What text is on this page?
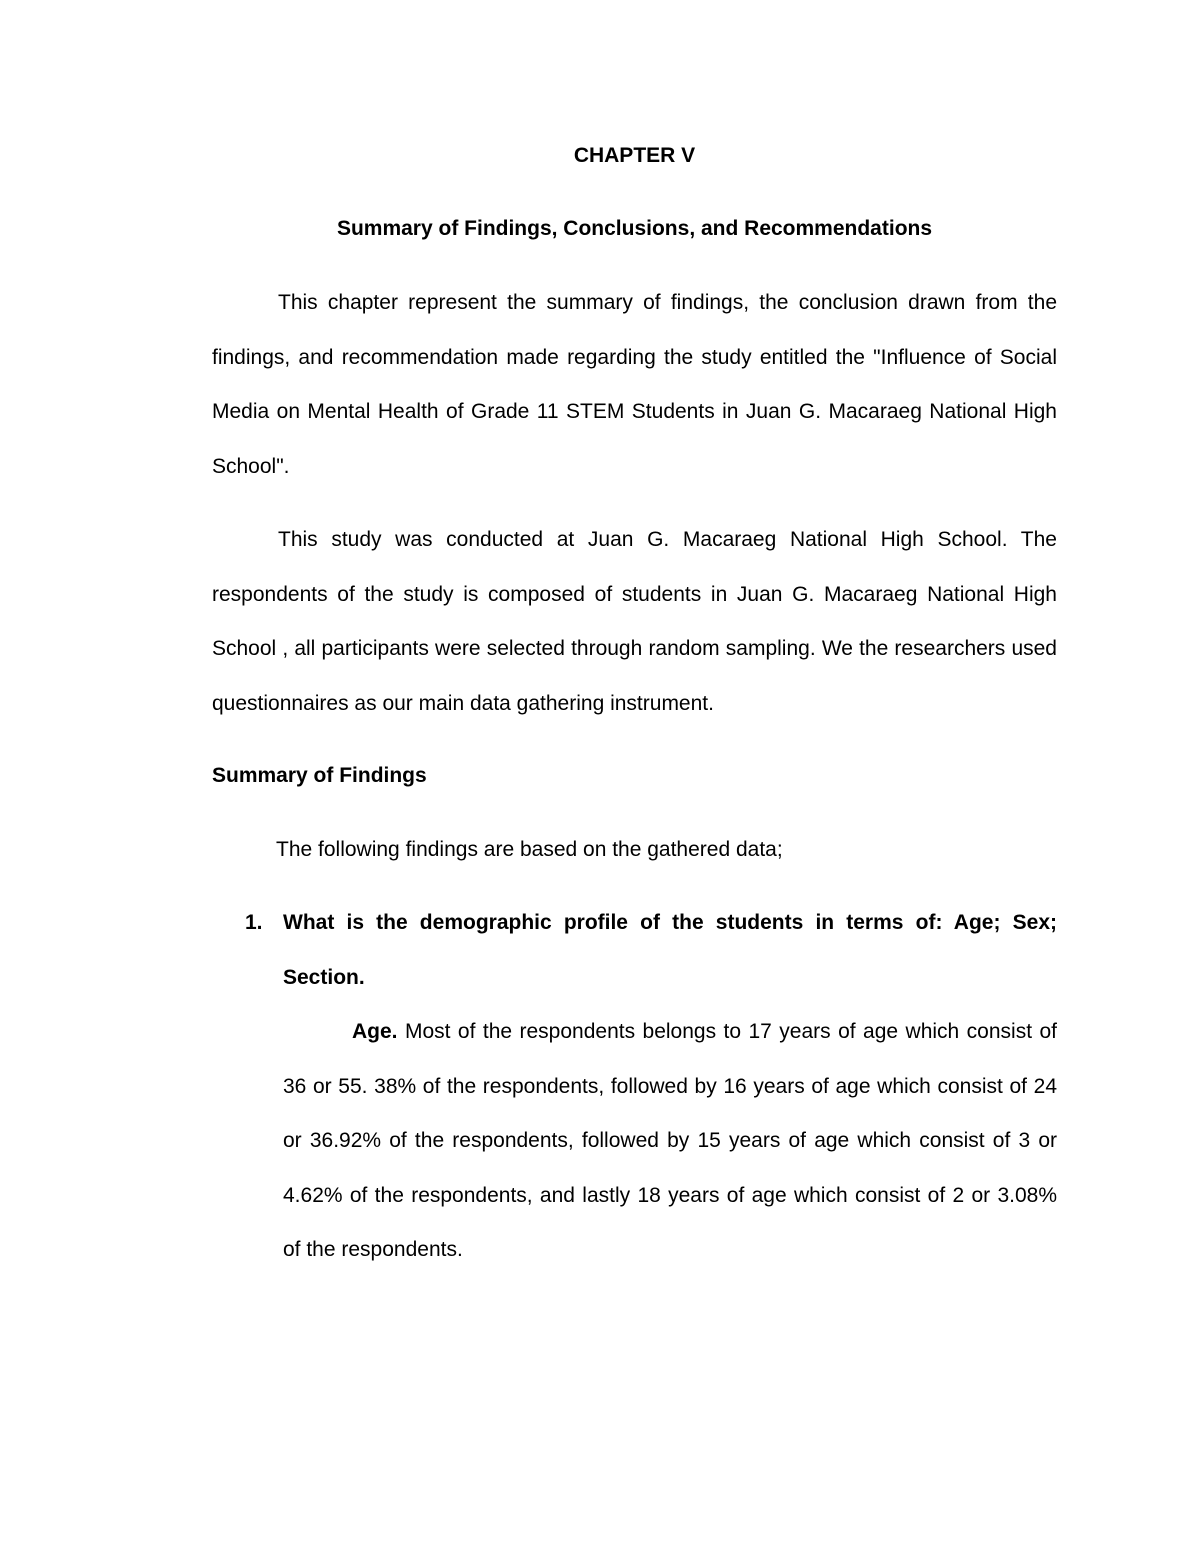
CHAPTER V
Summary of Findings, Conclusions, and Recommendations

This chapter represent the summary of findings, the conclusion drawn from the findings, and recommendation made regarding the study entitled the "Influence of Social Media on Mental Health of Grade 11 STEM Students in Juan G. Macaraeg National High School".

This study was conducted at Juan G. Macaraeg National High School. The respondents of the study is composed of students in Juan G. Macaraeg National High School , all participants were selected through random sampling. We the researchers used questionnaires as our main data gathering instrument.

Summary of Findings
The following findings are based on the gathered data;
1. What is the demographic profile of the students in terms of: Age; Sex; Section.

Age. Most of the respondents belongs to 17 years of age which consist of 36 or 55. 38% of the respondents, followed by 16 years of age which consist of 24 or 36.92% of the respondents, followed by 15 years of age which consist of 3 or 4.62% of the respondents, and lastly 18 years of age which consist of 2 or 3.08% of the respondents.
